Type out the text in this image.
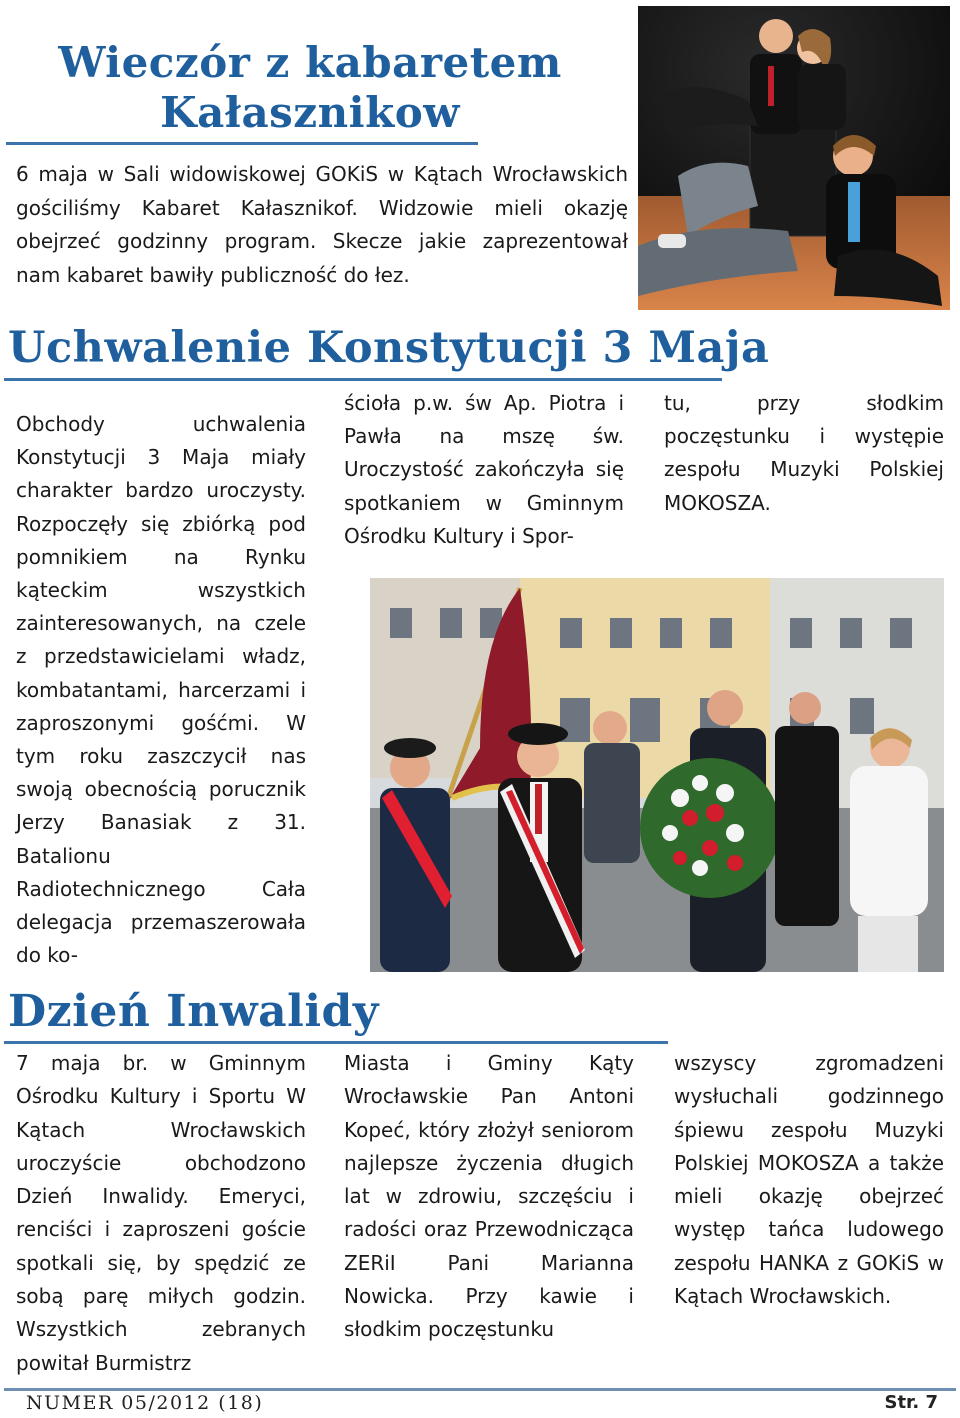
Wieczór z kabaretem
Kałasznikow
6 maja w Sali widowiskowej GOKiS w Kątach Wrocławskich gościliśmy Kabaret Kałasznikof. Widzowie mieli okazję obejrzeć godzinny program. Skecze jakie zaprezentował nam kabaret bawiły publiczność do łez.
Uchwalenie Konstytucji 3 Maja
Obchody uchwalenia Konstytucji 3 Maja miały charakter bardzo uroczysty. Rozpoczęły się zbiórką pod pomnikiem na Rynku kąteckim wszystkich zainteresowanych, na czele z przedstawicielami władz, kombatantami, harcerzami i zaproszonymi gośćmi. W tym roku zaszczycił nas swoją obecnością porucznik Jerzy Banasiak z 31. Batalionu Radiotechnicznego Cała delegacja przemaszerowała do ko-
ścioła p.w. św Ap. Piotra i Pawła na mszę św. Uroczystość zakończyła się spotkaniem w Gminnym Ośrodku Kultury i Spor-
tu, przy słodkim poczęstunku i występie zespołu Muzyki Polskiej MOKOSZA.
Dzień Inwalidy
7 maja br. w Gminnym Ośrodku Kultury i Sportu W Kątach Wrocławskich uroczyście obchodzono Dzień Inwalidy. Emeryci, renciści i zaproszeni goście spotkali się, by spędzić ze sobą parę miłych godzin. Wszystkich zebranych powitał Burmistrz
Miasta i Gminy Kąty Wrocławskie Pan Antoni Kopeć, który złożył seniorom najlepsze życzenia długich lat w zdrowiu, szczęściu i radości oraz Przewodnicząca ZERiI Pani Marianna Nowicka. Przy kawie i słodkim poczęstunku
wszyscy zgromadzeni wysłuchali godzinnego śpiewu zespołu Muzyki Polskiej MOKOSZA a także mieli okazję obejrzeć występ tańca ludowego zespołu HANKA z GOKiS w Kątach Wrocławskich.
NUMER 05/2012 (18)	Str. 7
